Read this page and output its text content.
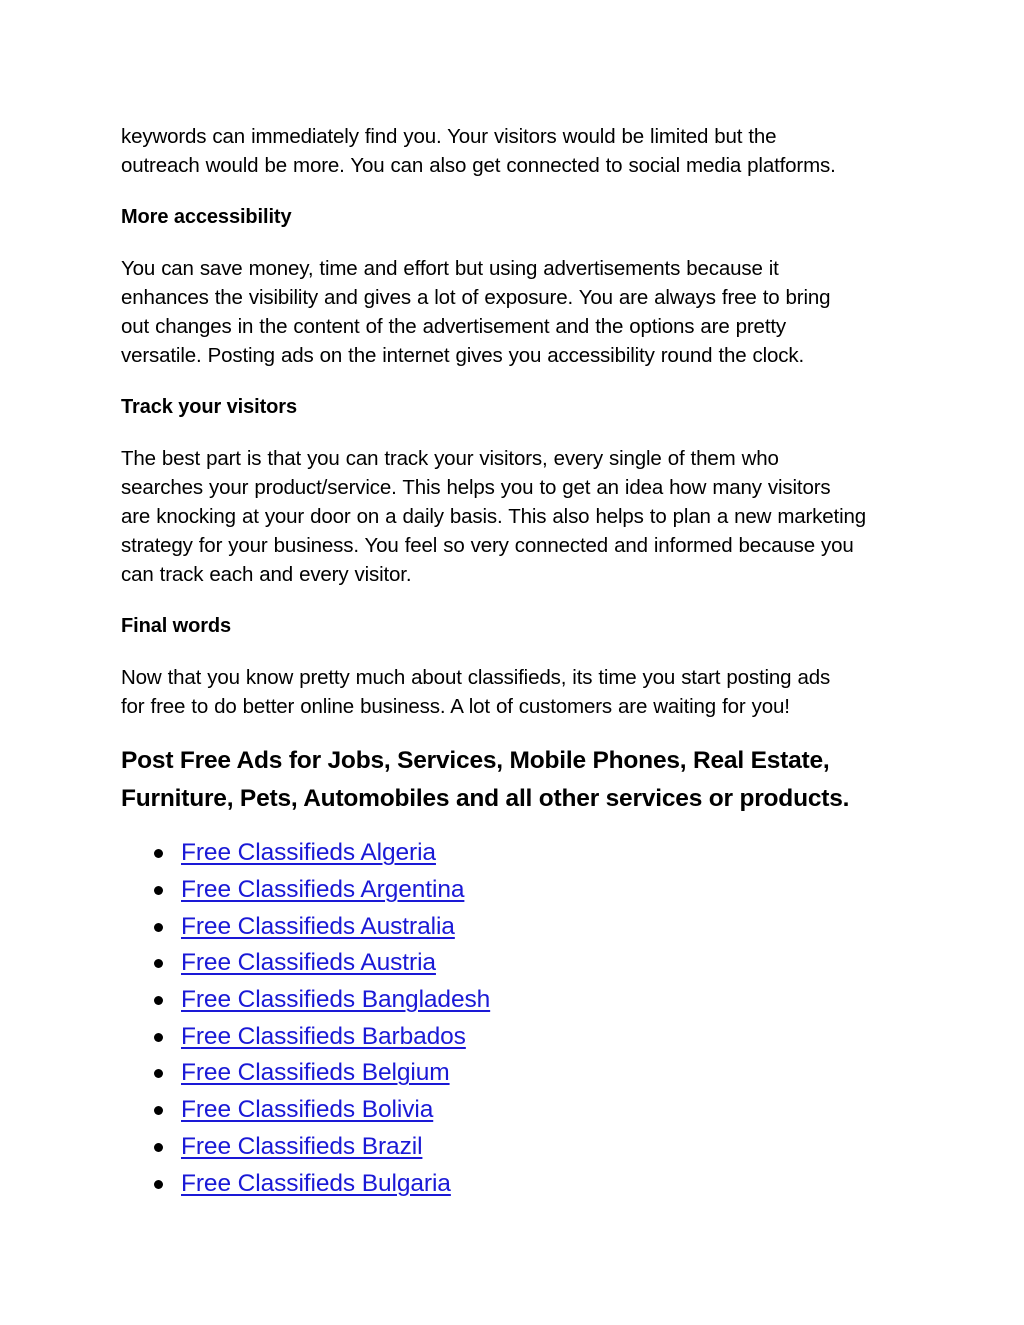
keywords can immediately find you. Your visitors would be limited but the
outreach would be more. You can also get connected to social media platforms.

More accessibility

You can save money, time and effort but using advertisements because it
enhances the visibility and gives a lot of exposure. You are always free to bring
out changes in the content of the advertisement and the options are pretty
versatile. Posting ads on the internet gives you accessibility round the clock.

Track your visitors

The best part is that you can track your visitors, every single of them who
searches your product/service. This helps you to get an idea how many visitors
are knocking at your door on a daily basis. This also helps to plan a new marketing
strategy for your business. You feel so very connected and informed because you
can track each and every visitor.

Final words

Now that you know pretty much about classifieds, its time you start posting ads
for free to do better online business. A lot of customers are waiting for you!

Post Free Ads for Jobs, Services, Mobile Phones, Real Estate,
Furniture, Pets, Automobiles and all other services or products.
Free Classifieds Algeria
Free Classifieds Argentina
Free Classifieds Australia
Free Classifieds Austria
Free Classifieds Bangladesh
Free Classifieds Barbados
Free Classifieds Belgium
Free Classifieds Bolivia
Free Classifieds Brazil
Free Classifieds Bulgaria
